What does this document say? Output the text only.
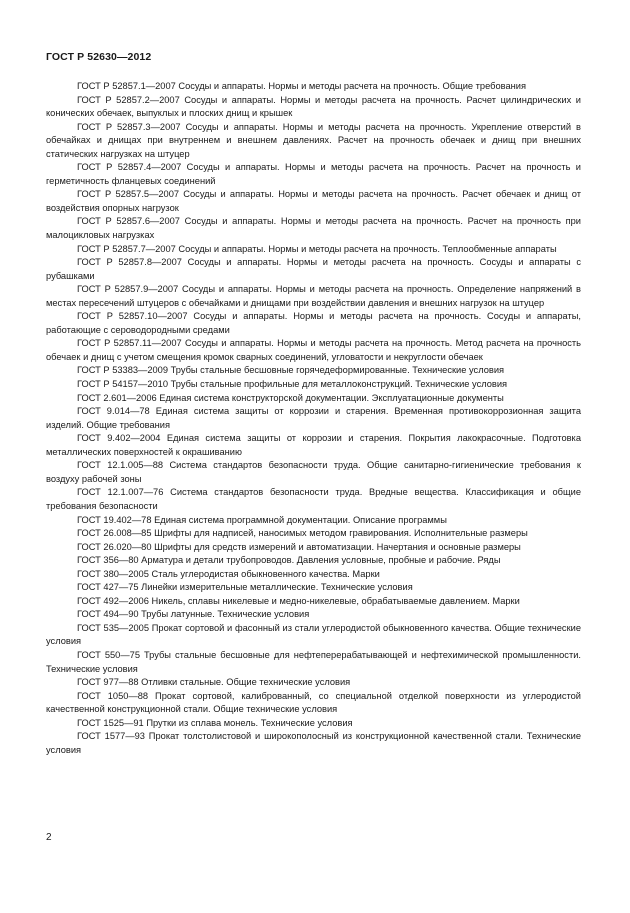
ГОСТ Р 52630—2012
ГОСТ Р 52857.1—2007 Сосуды и аппараты. Нормы и методы расчета на прочность. Общие требования
ГОСТ Р 52857.2—2007 Сосуды и аппараты. Нормы и методы расчета на прочность. Расчет цилиндрических и конических обечаек, выпуклых и плоских днищ и крышек
ГОСТ Р 52857.3—2007 Сосуды и аппараты. Нормы и методы расчета на прочность. Укрепление отверстий в обечайках и днищах при внутреннем и внешнем давлениях. Расчет на прочность обечаек и днищ при внешних статических нагрузках на штуцер
ГОСТ Р 52857.4—2007 Сосуды и аппараты. Нормы и методы расчета на прочность. Расчет на прочность и герметичность фланцевых соединений
ГОСТ Р 52857.5—2007 Сосуды и аппараты. Нормы и методы расчета на прочность. Расчет обечаек и днищ от воздействия опорных нагрузок
ГОСТ Р 52857.6—2007 Сосуды и аппараты. Нормы и методы расчета на прочность. Расчет на прочность при малоцикловых нагрузках
ГОСТ Р 52857.7—2007 Сосуды и аппараты. Нормы и методы расчета на прочность. Теплообменные аппараты
ГОСТ Р 52857.8—2007 Сосуды и аппараты. Нормы и методы расчета на прочность. Сосуды и аппараты с рубашками
ГОСТ Р 52857.9—2007 Сосуды и аппараты. Нормы и методы расчета на прочность. Определение напряжений в местах пересечений штуцеров с обечайками и днищами при воздействии давления и внешних нагрузок на штуцер
ГОСТ Р 52857.10—2007 Сосуды и аппараты. Нормы и методы расчета на прочность. Сосуды и аппараты, работающие с сероводородными средами
ГОСТ Р 52857.11—2007 Сосуды и аппараты. Нормы и методы расчета на прочность. Метод расчета на прочность обечаек и днищ с учетом смещения кромок сварных соединений, угловатости и некруглости обечаек
ГОСТ Р 53383—2009 Трубы стальные бесшовные горячедеформированные. Технические условия
ГОСТ Р 54157—2010 Трубы стальные профильные для металлоконструкций. Технические условия
ГОСТ 2.601—2006 Единая система конструкторской документации. Эксплуатационные документы
ГОСТ 9.014—78 Единая система защиты от коррозии и старения. Временная противокоррозионная защита изделий. Общие требования
ГОСТ 9.402—2004 Единая система защиты от коррозии и старения. Покрытия лакокрасочные. Подготовка металлических поверхностей к окрашиванию
ГОСТ 12.1.005—88 Система стандартов безопасности труда. Общие санитарно-гигиенические требования к воздуху рабочей зоны
ГОСТ 12.1.007—76 Система стандартов безопасности труда. Вредные вещества. Классификация и общие требования безопасности
ГОСТ 19.402—78 Единая система программной документации. Описание программы
ГОСТ 26.008—85 Шрифты для надписей, наносимых методом гравирования. Исполнительные размеры
ГОСТ 26.020—80 Шрифты для средств измерений и автоматизации. Начертания и основные размеры
ГОСТ 356—80 Арматура и детали трубопроводов. Давления условные, пробные и рабочие. Ряды
ГОСТ 380—2005 Сталь углеродистая обыкновенного качества. Марки
ГОСТ 427—75 Линейки измерительные металлические. Технические условия
ГОСТ 492—2006 Никель, сплавы никелевые и медно-никелевые, обрабатываемые давлением. Марки
ГОСТ 494—90 Трубы латунные. Технические условия
ГОСТ 535—2005 Прокат сортовой и фасонный из стали углеродистой обыкновенного качества. Общие технические условия
ГОСТ 550—75 Трубы стальные бесшовные для нефтеперерабатывающей и нефтехимической промышленности. Технические условия
ГОСТ 977—88 Отливки стальные. Общие технические условия
ГОСТ 1050—88 Прокат сортовой, калиброванный, со специальной отделкой поверхности из углеродистой качественной конструкционной стали. Общие технические условия
ГОСТ 1525—91 Прутки из сплава монель. Технические условия
ГОСТ 1577—93 Прокат толстолистовой и широкополосный из конструкционной качественной стали. Технические условия
2
